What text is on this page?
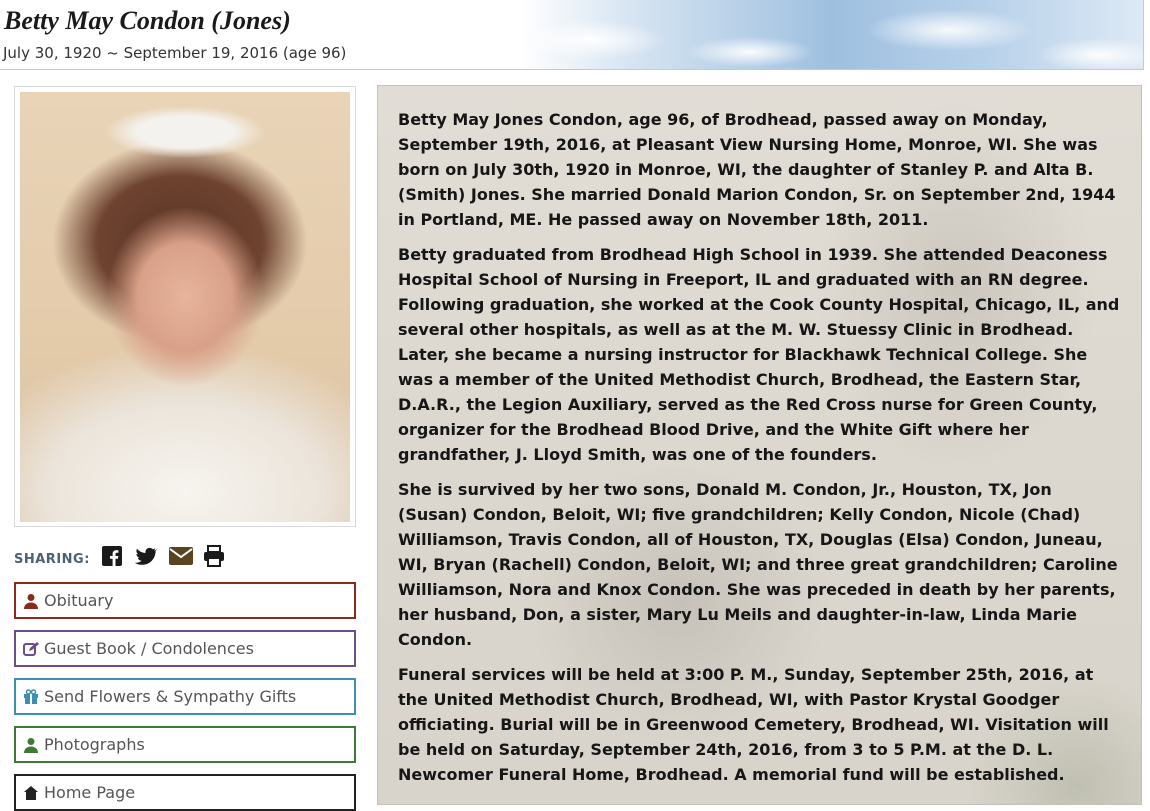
Betty May Condon (Jones)
July 30, 1920 ~ September 19, 2016 (age 96)
SHARING:
Obituary
Guest Book / Condolences
Send Flowers & Sympathy Gifts
Photographs
Home Page

Betty May Jones Condon, age 96, of Brodhead, passed away on Monday, September 19th, 2016, at Pleasant View Nursing Home, Monroe, WI. She was born on July 30th, 1920 in Monroe, WI, the daughter of Stanley P. and Alta B. (Smith) Jones. She married Donald Marion Condon, Sr. on September 2nd, 1944 in Portland, ME. He passed away on November 18th, 2011.

Betty graduated from Brodhead High School in 1939. She attended Deaconess Hospital School of Nursing in Freeport, IL and graduated with an RN degree. Following graduation, she worked at the Cook County Hospital, Chicago, IL, and several other hospitals, as well as at the M. W. Stuessy Clinic in Brodhead. Later, she became a nursing instructor for Blackhawk Technical College. She was a member of the United Methodist Church, Brodhead, the Eastern Star, D.A.R., the Legion Auxiliary, served as the Red Cross nurse for Green County, organizer for the Brodhead Blood Drive, and the White Gift where her grandfather, J. Lloyd Smith, was one of the founders.

She is survived by her two sons, Donald M. Condon, Jr., Houston, TX, Jon (Susan) Condon, Beloit, WI; five grandchildren; Kelly Condon, Nicole (Chad) Williamson, Travis Condon, all of Houston, TX, Douglas (Elsa) Condon, Juneau, WI, Bryan (Rachell) Condon, Beloit, WI; and three great grandchildren; Caroline Williamson, Nora and Knox Condon. She was preceded in death by her parents, her husband, Don, a sister, Mary Lu Meils and daughter-in-law, Linda Marie Condon.

Funeral services will be held at 3:00 P. M., Sunday, September 25th, 2016, at the United Methodist Church, Brodhead, WI, with Pastor Krystal Goodger officiating. Burial will be in Greenwood Cemetery, Brodhead, WI. Visitation will be held on Saturday, September 24th, 2016, from 3 to 5 P.M. at the D. L. Newcomer Funeral Home, Brodhead. A memorial fund will be established.
